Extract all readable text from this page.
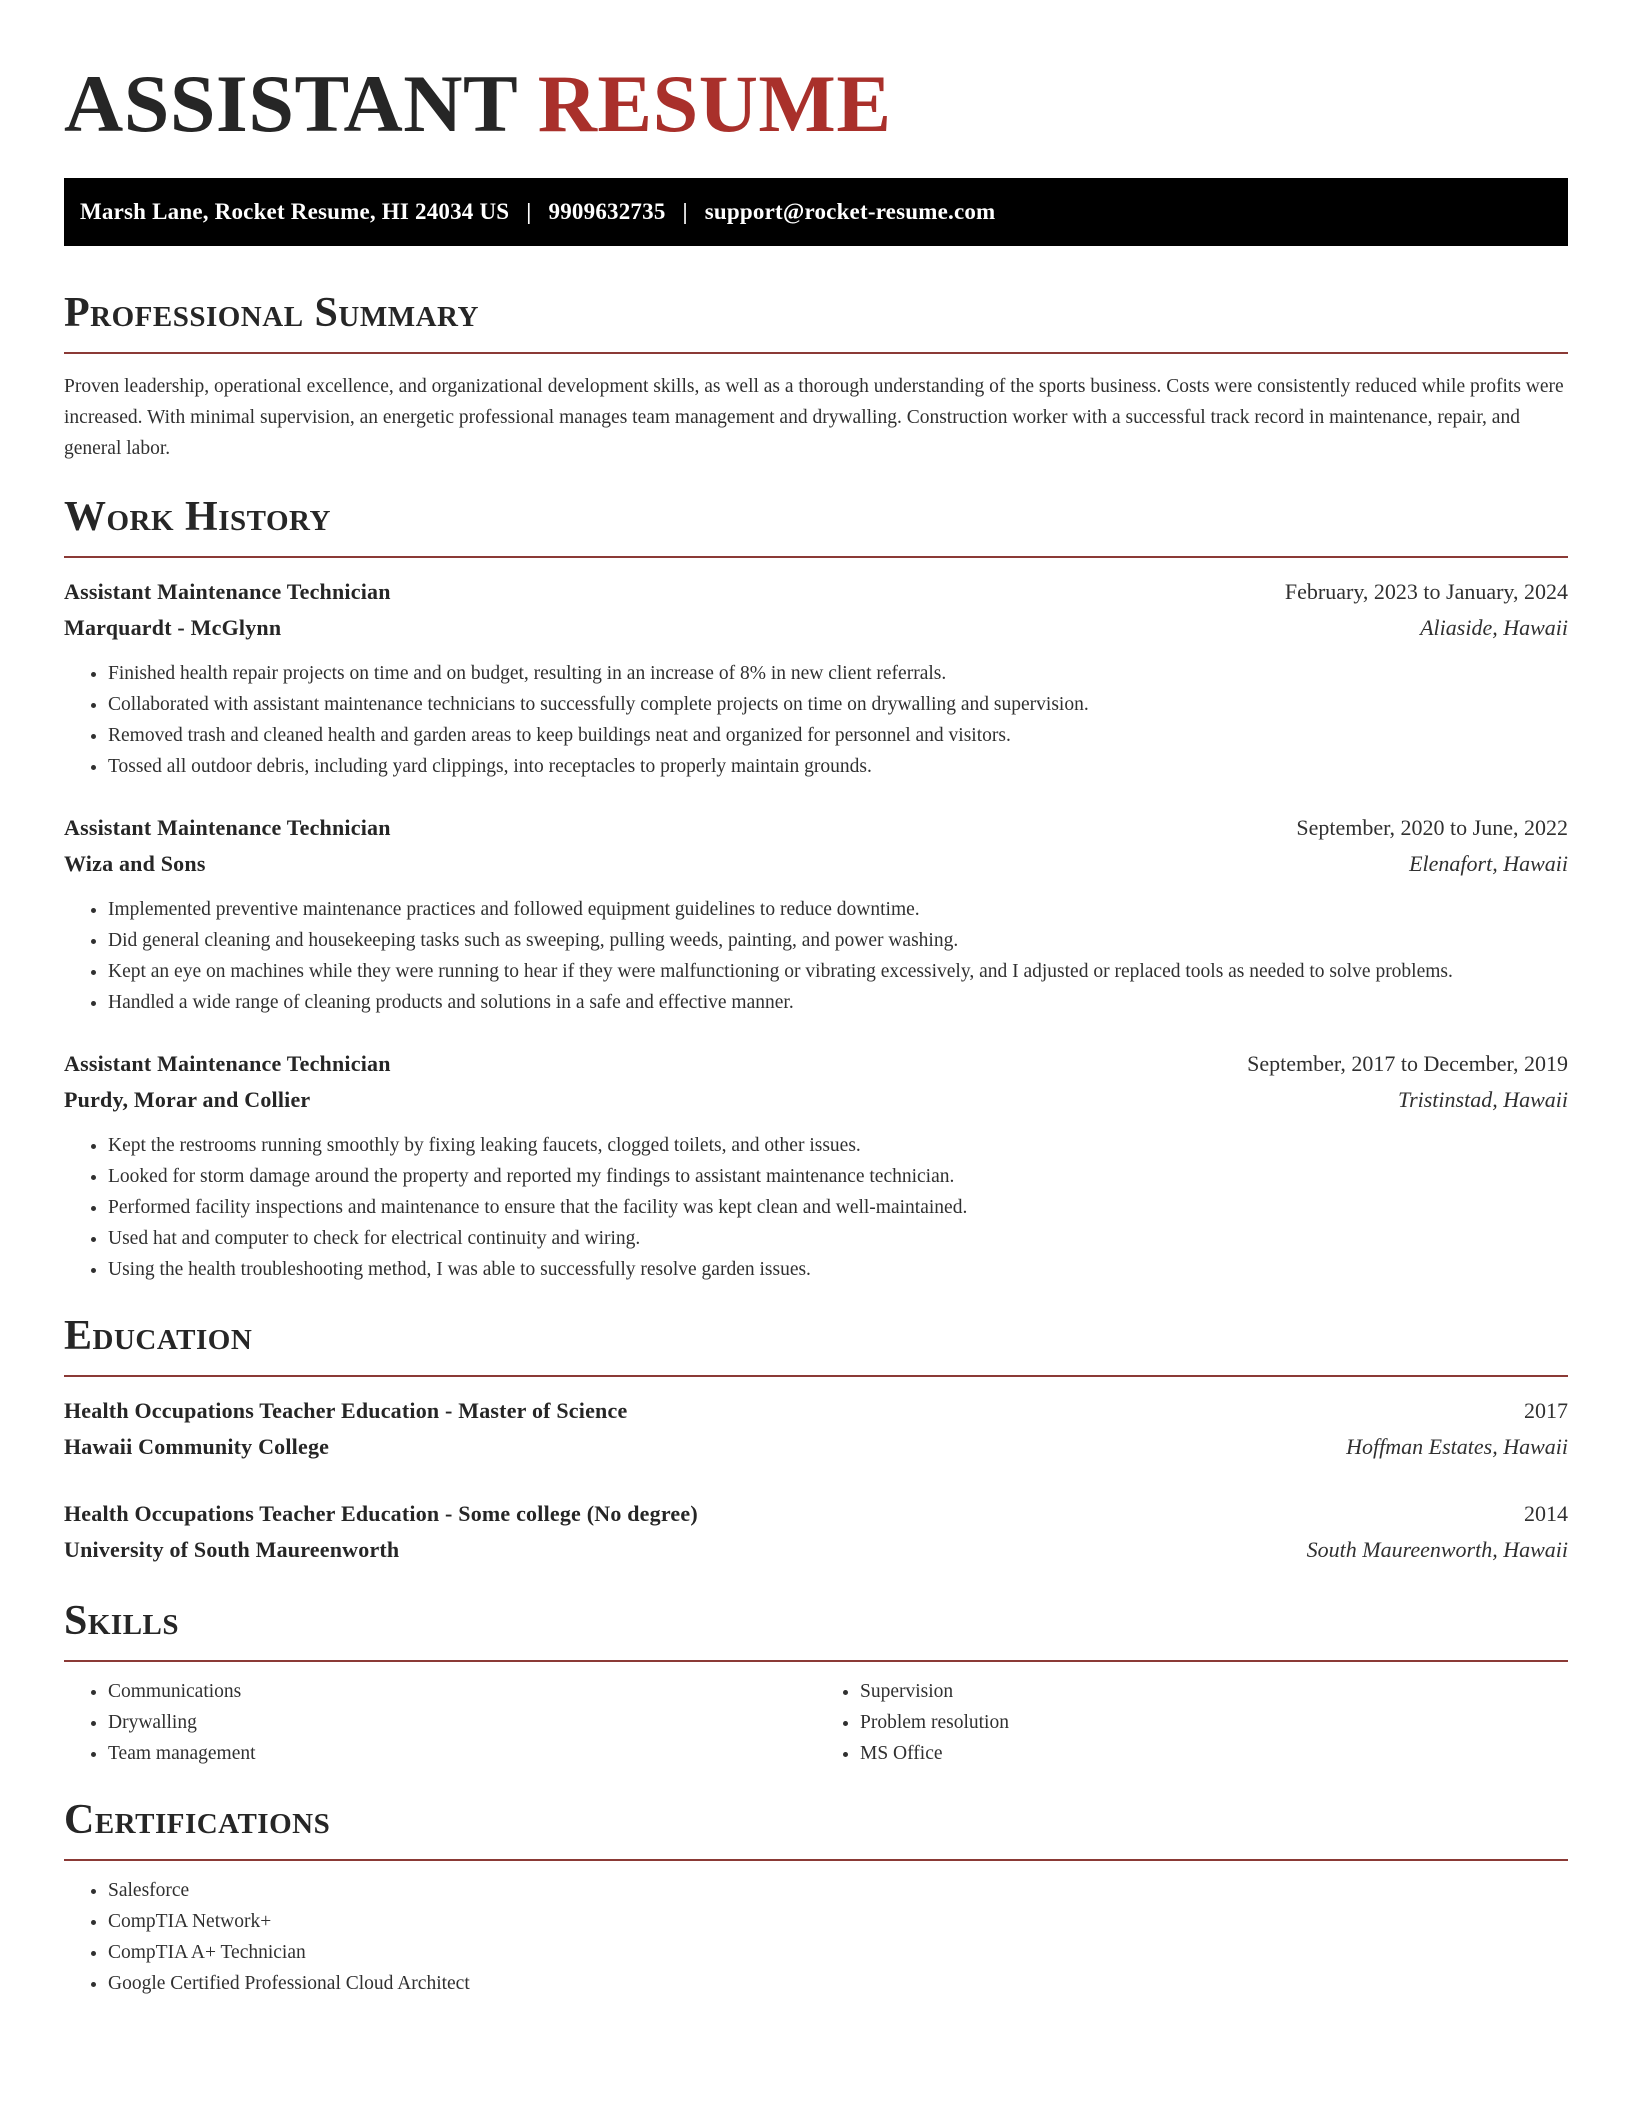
ASSISTANT RESUME
Marsh Lane, Rocket Resume, HI 24034 US | 9909632735 | support@rocket-resume.com
Professional Summary

Proven leadership, operational excellence, and organizational development skills, as well as a thorough understanding of the sports business. Costs were consistently reduced while profits were increased. With minimal supervision, an energetic professional manages team management and drywalling. Construction worker with a successful track record in maintenance, repair, and general labor.

Work History
Assistant Maintenance Technician	February, 2023 to January, 2024
Marquardt - McGlynn	Aliaside, Hawaii
• Finished health repair projects on time and on budget, resulting in an increase of 8% in new client referrals.
• Collaborated with assistant maintenance technicians to successfully complete projects on time on drywalling and supervision.
• Removed trash and cleaned health and garden areas to keep buildings neat and organized for personnel and visitors.
• Tossed all outdoor debris, including yard clippings, into receptacles to properly maintain grounds.
Assistant Maintenance Technician	September, 2020 to June, 2022
Wiza and Sons	Elenafort, Hawaii
• Implemented preventive maintenance practices and followed equipment guidelines to reduce downtime.
• Did general cleaning and housekeeping tasks such as sweeping, pulling weeds, painting, and power washing.
• Kept an eye on machines while they were running to hear if they were malfunctioning or vibrating excessively, and I adjusted or replaced tools as needed to solve problems.
• Handled a wide range of cleaning products and solutions in a safe and effective manner.
Assistant Maintenance Technician	September, 2017 to December, 2019
Purdy, Morar and Collier	Tristinstad, Hawaii
• Kept the restrooms running smoothly by fixing leaking faucets, clogged toilets, and other issues.
• Looked for storm damage around the property and reported my findings to assistant maintenance technician.
• Performed facility inspections and maintenance to ensure that the facility was kept clean and well-maintained.
• Used hat and computer to check for electrical continuity and wiring.
• Using the health troubleshooting method, I was able to successfully resolve garden issues.
Education
Health Occupations Teacher Education - Master of Science	2017
Hawaii Community College	Hoffman Estates, Hawaii
Health Occupations Teacher Education - Some college (No degree)	2014
University of South Maureenworth	South Maureenworth, Hawaii
Skills
• Communications
• Drywalling
• Team management
• Supervision
• Problem resolution
• MS Office
Certifications
• Salesforce
• CompTIA Network+
• CompTIA A+ Technician
• Google Certified Professional Cloud Architect
